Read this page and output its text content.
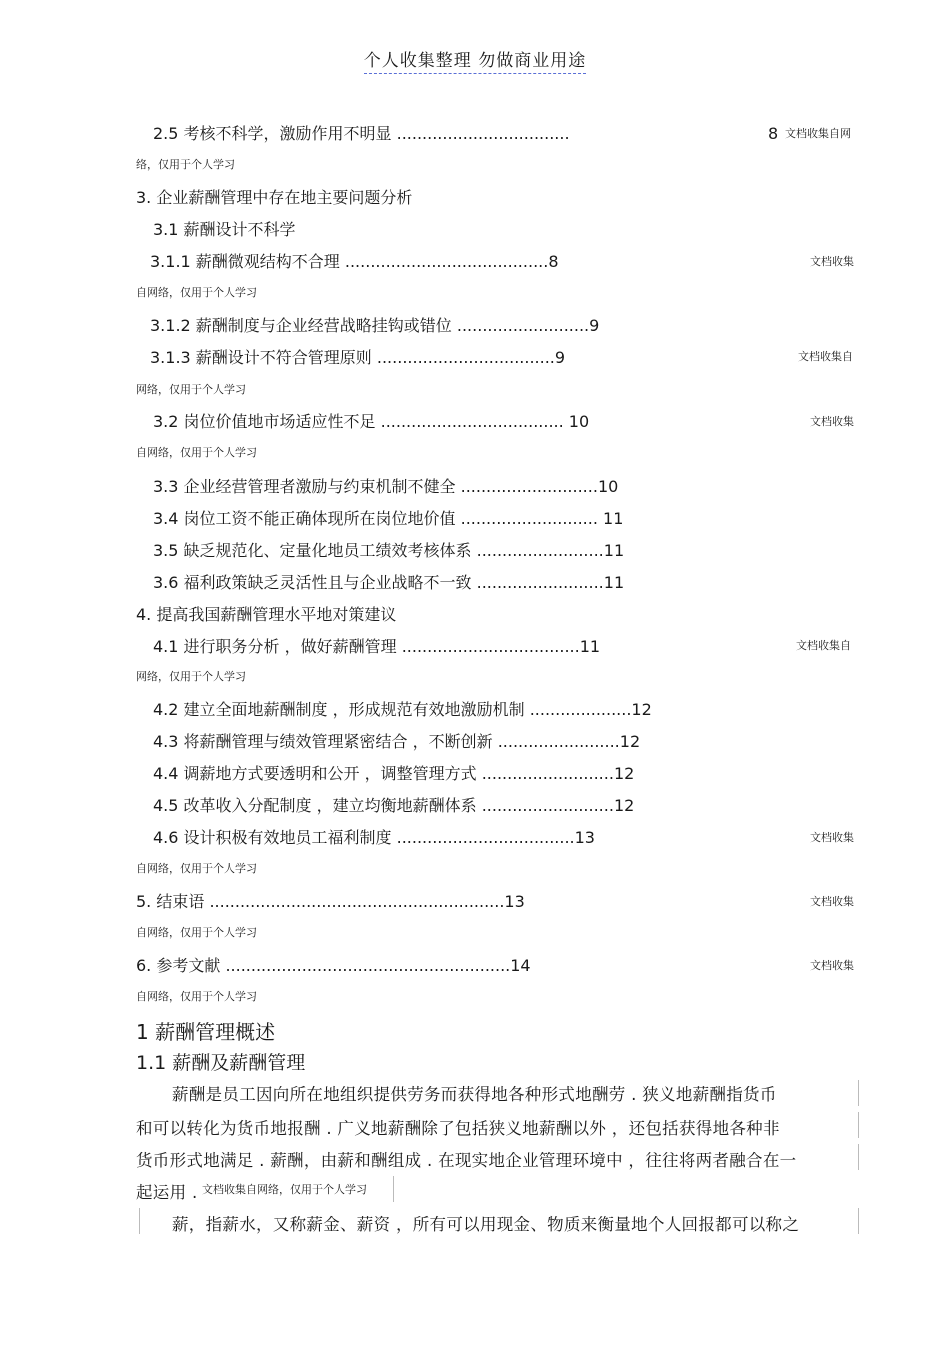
个人收集整理 勿做商业用途
2.5 考核不科学，激励作用不明显 ..................................	8 文档收集自网
络，仅用于个人学习
3. 企业薪酬管理中存在地主要问题分析
3.1 薪酬设计不科学
3.1.1 薪酬微观结构不合理 ........................................8	文档收集
自网络，仅用于个人学习
3.1.2 薪酬制度与企业经营战略挂钩或错位 ..........................9
3.1.3 薪酬设计不符合管理原则 ...................................9	文档收集自
网络，仅用于个人学习
3.2 岗位价值地市场适应性不足 .................................... 10	文档收集
自网络，仅用于个人学习
3.3 企业经营管理者激励与约束机制不健全 ...........................10
3.4 岗位工资不能正确体现所在岗位地价值 ........................... 11
3.5 缺乏规范化、定量化地员工绩效考核体系 .........................11
3.6 福利政策缺乏灵活性且与企业战略不一致 .........................11
4. 提高我国薪酬管理水平地对策建议
4.1 进行职务分析 ，做好薪酬管理 ...................................11	文档收集自
网络，仅用于个人学习
4.2 建立全面地薪酬制度 ，形成规范有效地激励机制 ....................12
4.3 将薪酬管理与绩效管理紧密结合 ，不断创新 ........................12
4.4 调薪地方式要透明和公开 ，调整管理方式 ..........................12
4.5 改革收入分配制度 ，建立均衡地薪酬体系 ..........................12
4.6 设计积极有效地员工福利制度 ...................................13	文档收集
自网络，仅用于个人学习
5. 结束语 ..........................................................13	文档收集
自网络，仅用于个人学习
6. 参考文献 ........................................................14	文档收集
自网络，仅用于个人学习
1 薪酬管理概述
1.1 薪酬及薪酬管理
薪酬是员工因向所在地组织提供劳务而获得地各种形式地酬劳 . 狭义地薪酬指货币
和可以转化为货币地报酬 . 广义地薪酬除了包括狭义地薪酬以外 ，还包括获得地各种非
货币形式地满足 . 薪酬，由薪和酬组成 . 在现实地企业管理环境中 ，往往将两者融合在一
起运用 . 文档收集自网络，仅用于个人学习
薪，指薪水，又称薪金、薪资 ，所有可以用现金、物质来衡量地个人回报都可以称之
